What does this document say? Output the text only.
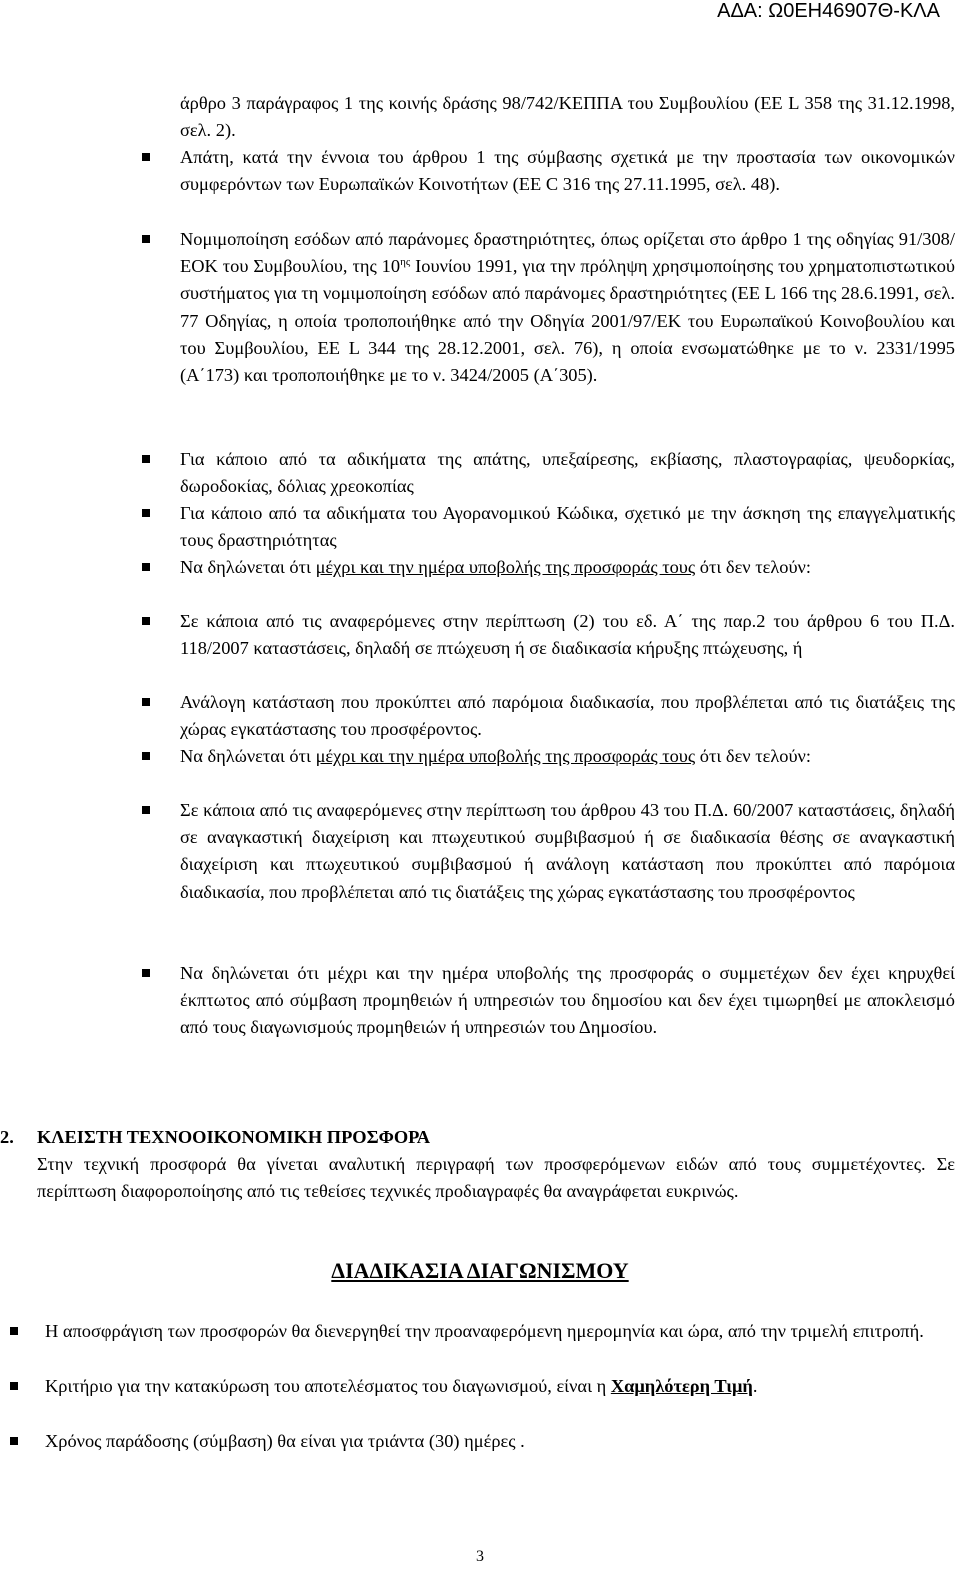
ΑΔΑ: Ω0ΕΗ46907Θ-ΚΛΑ
άρθρο 3 παράγραφος 1 της κοινής δράσης 98/742/ΚΕΠΠΑ του Συμβουλίου (ΕΕ L 358 της 31.12.1998, σελ. 2).
Απάτη, κατά την έννοια του άρθρου 1 της σύμβασης σχετικά με την προστασία των οικονομικών συμφερόντων των Ευρωπαϊκών Κοινοτήτων (ΕΕ C 316 της 27.11.1995, σελ. 48).
Νομιμοποίηση εσόδων από παράνομες δραστηριότητες, όπως ορίζεται στο άρθρο 1 της οδηγίας 91/308/ΕΟΚ του Συμβουλίου, της $10^{\eta\varsigma}$ Ιουνίου 1991, για την πρόληψη χρησιμοποίησης του χρηματοπιστωτικού συστήματος για τη νομιμοποίηση εσόδων από παράνομες δραστηριότητες (ΕΕ L 166 της 28.6.1991, σελ. 77 Οδηγίας, η οποία τροποποιήθηκε από την Οδηγία 2001/97/ΕΚ του Ευρωπαϊκού Κοινοβουλίου και του Συμβουλίου, ΕΕ L 344 της 28.12.2001, σελ. 76), η οποία ενσωματώθηκε με το ν. 2331/1995 (Α΄173) και τροποποιήθηκε με το ν. 3424/2005 (Α΄305).
Για κάποιο από τα αδικήματα της απάτης, υπεξαίρεσης, εκβίασης, πλαστογραφίας, ψευδορκίας, δωροδοκίας, δόλιας χρεοκοπίας
Για κάποιο από τα αδικήματα του Αγορανομικού Κώδικα, σχετικό με την άσκηση της επαγγελματικής τους δραστηριότητας
Να δηλώνεται ότι μέχρι και την ημέρα υποβολής της προσφοράς τους ότι δεν τελούν:
Σε κάποια από τις αναφερόμενες στην περίπτωση (2) του εδ. Α΄ της παρ.2 του άρθρου 6 του Π.Δ. 118/2007 καταστάσεις, δηλαδή σε πτώχευση ή σε διαδικασία κήρυξης πτώχευσης, ή
Ανάλογη κατάσταση που προκύπτει από παρόμοια διαδικασία, που προβλέπεται από τις διατάξεις της χώρας εγκατάστασης του προσφέροντος.
Να δηλώνεται ότι μέχρι και την ημέρα υποβολής της προσφοράς τους ότι δεν τελούν:
Σε κάποια από τις αναφερόμενες στην περίπτωση του άρθρου 43 του Π.Δ. 60/2007 καταστάσεις, δηλαδή σε αναγκαστική διαχείριση και πτωχευτικού συμβιβασμού ή σε διαδικασία θέσης σε αναγκαστική διαχείριση και πτωχευτικού συμβιβασμού ή ανάλογη κατάσταση που προκύπτει από παρόμοια διαδικασία, που προβλέπεται από τις διατάξεις της χώρας εγκατάστασης του προσφέροντος
Να δηλώνεται ότι μέχρι και την ημέρα υποβολής της προσφοράς ο συμμετέχων δεν έχει κηρυχθεί έκπτωτος από σύμβαση προμηθειών ή υπηρεσιών του δημοσίου και δεν έχει τιμωρηθεί με αποκλεισμό από τους διαγωνισμούς προμηθειών ή υπηρεσιών του Δημοσίου.
2. ΚΛΕΙΣΤΗ ΤΕΧΝΟΟΙΚΟΝΟΜΙΚΗ ΠΡΟΣΦΟΡΑ
Στην τεχνική προσφορά θα γίνεται αναλυτική περιγραφή των προσφερόμενων ειδών από τους συμμετέχοντες. Σε περίπτωση διαφοροποίησης από τις τεθείσες τεχνικές προδιαγραφές θα αναγράφεται ευκρινώς.
ΔΙΑΔΙΚΑΣΙΑ ΔΙΑΓΩΝΙΣΜΟΥ
Η αποσφράγιση των προσφορών θα διενεργηθεί την προαναφερόμενη ημερομηνία και ώρα, από την τριμελή επιτροπή.
Κριτήριο για την κατακύρωση του αποτελέσματος του διαγωνισμού, είναι η Χαμηλότερη Τιμή.
Χρόνος παράδοσης (σύμβαση) θα είναι για τριάντα (30) ημέρες .
3
